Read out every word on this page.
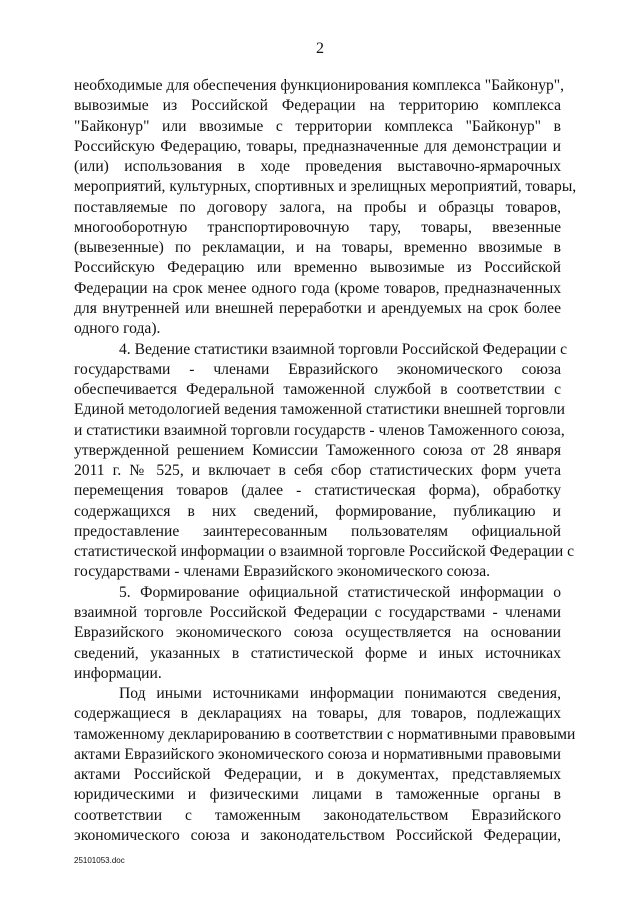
2
необходимые для обеспечения функционирования комплекса "Байконур",
вывозимые из Российской Федерации на территорию комплекса
"Байконур" или ввозимые с территории комплекса "Байконур" в
Российскую Федерацию, товары, предназначенные для демонстрации и
(или) использования в ходе проведения выставочно-ярмарочных
мероприятий, культурных, спортивных и зрелищных мероприятий, товары,
поставляемые по договору залога, на пробы и образцы товаров,
многооборотную транспортировочную тару, товары, ввезенные
(вывезенные) по рекламации, и на товары, временно ввозимые в
Российскую Федерацию или временно вывозимые из Российской
Федерации на срок менее одного года (кроме товаров, предназначенных
для внутренней или внешней переработки и арендуемых на срок более
одного года).
4. Ведение статистики взаимной торговли Российской Федерации с
государствами - членами Евразийского экономического союза
обеспечивается Федеральной таможенной службой в соответствии с
Единой методологией ведения таможенной статистики внешней торговли
и статистики взаимной торговли государств - членов Таможенного союза,
утвержденной решением Комиссии Таможенного союза от 28 января
2011 г. № 525, и включает в себя сбор статистических форм учета
перемещения товаров (далее - статистическая форма), обработку
содержащихся в них сведений, формирование, публикацию и
предоставление заинтересованным пользователям официальной
статистической информации о взаимной торговле Российской Федерации с
государствами - членами Евразийского экономического союза.
5. Формирование официальной статистической информации о
взаимной торговле Российской Федерации с государствами - членами
Евразийского экономического союза осуществляется на основании
сведений, указанных в статистической форме и иных источниках
информации.
Под иными источниками информации понимаются сведения,
содержащиеся в декларациях на товары, для товаров, подлежащих
таможенному декларированию в соответствии с нормативными правовыми
актами Евразийского экономического союза и нормативными правовыми
актами Российской Федерации, и в документах, представляемых
юридическими и физическими лицами в таможенные органы в
соответствии с таможенным законодательством Евразийского
экономического союза и законодательством Российской Федерации,
25101053.doc
